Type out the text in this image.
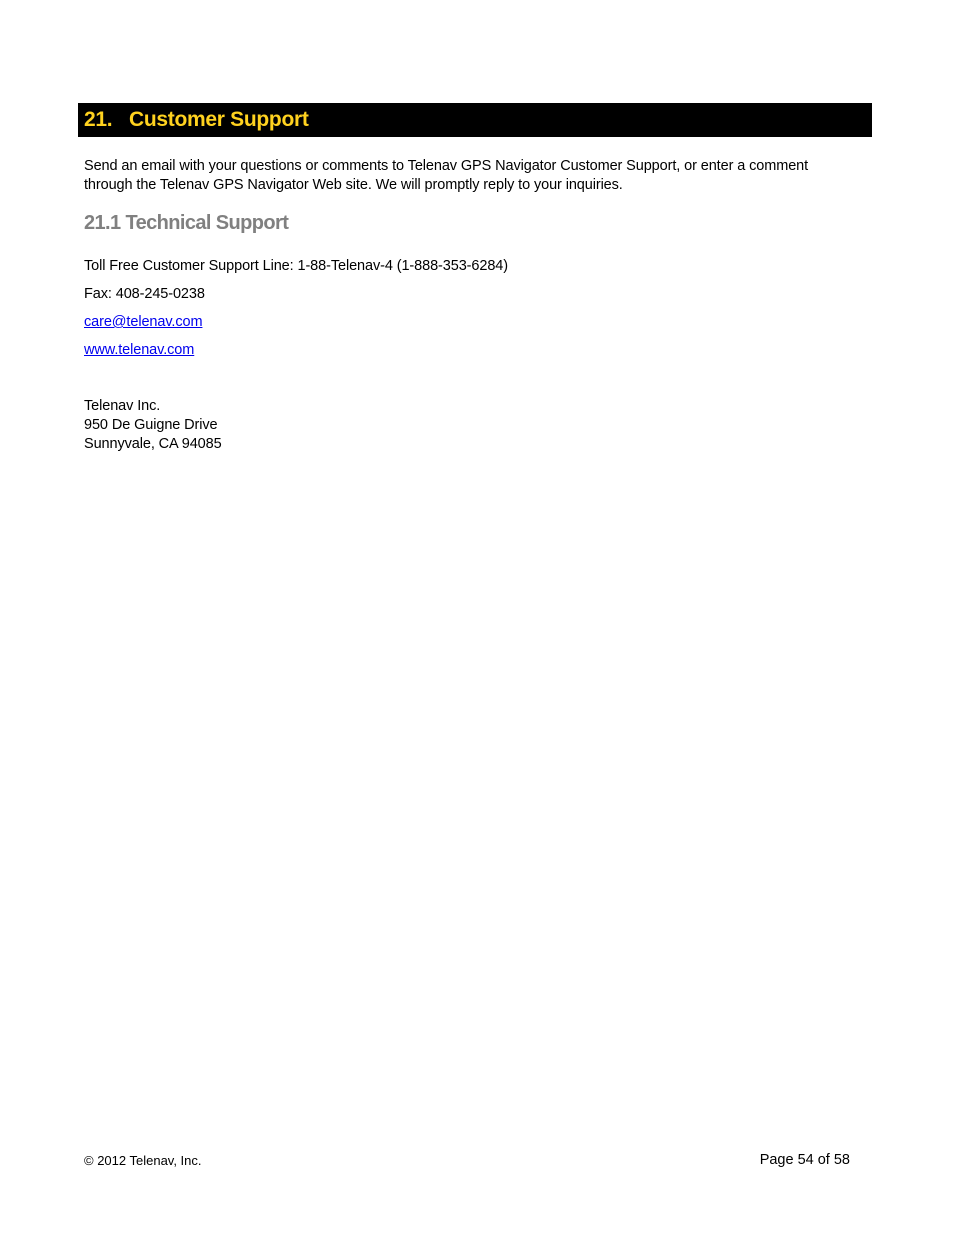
21. Customer Support

Send an email with your questions or comments to Telenav GPS Navigator Customer Support, or enter a comment

through the Telenav GPS Navigator Web site. We will promptly reply to your inquiries.

21.1 Technical Support

Toll Free Customer Support Line: 1-88-Telenav-4 (1-888-353-6284)

Fax: 408-245-0238

care@telenav.com

www.telenav.com

Telenav Inc.
950 De Guigne Drive
Sunnyvale, CA 94085
© 2012 Telenav, Inc.	Page 54 of 58
